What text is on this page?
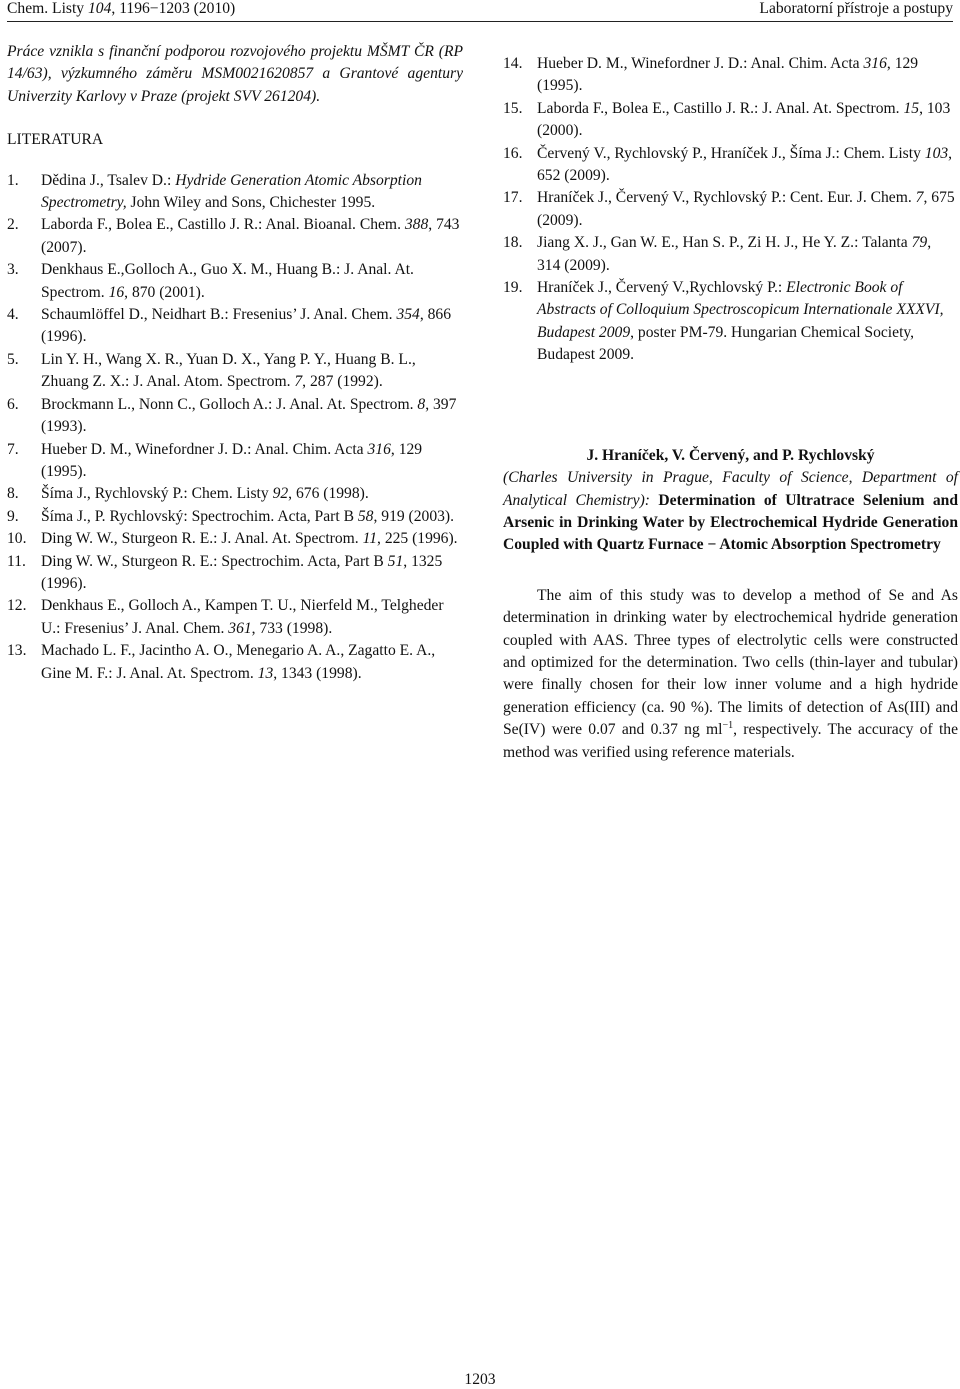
Chem. Listy 104, 1196−1203 (2010)	Laboratorní přístroje a postupy
Práce vznikla s finanční podporou rozvojového projektu MŠMT ČR (RP 14/63), výzkumného záměru MSM0021620857 a Grantové agentury Univerzity Karlovy v Praze (projekt SVV 261204).
LITERATURA
1.	Dědina J., Tsalev D.: Hydride Generation Atomic Absorption Spectrometry, John Wiley and Sons, Chichester 1995.
2.	Laborda F., Bolea E., Castillo J. R.: Anal. Bioanal. Chem. 388, 743 (2007).
3.	Denkhaus E.,Golloch A., Guo X. M., Huang B.: J. Anal. At. Spectrom. 16, 870 (2001).
4.	Schaumlöffel D., Neidhart B.: Fresenius’ J. Anal. Chem. 354, 866 (1996).
5.	Lin Y. H., Wang X. R., Yuan D. X., Yang P. Y., Huang B. L., Zhuang Z. X.: J. Anal. Atom. Spectrom. 7, 287 (1992).
6.	Brockmann L., Nonn C., Golloch A.: J. Anal. At. Spectrom. 8, 397 (1993).
7.	Hueber D. M., Winefordner J. D.: Anal. Chim. Acta 316, 129 (1995).
8.	Šíma J., Rychlovský P.: Chem. Listy 92, 676 (1998).
9.	Šíma J., P. Rychlovský: Spectrochim. Acta, Part B 58, 919 (2003).
10. Ding W. W., Sturgeon R. E.: J. Anal. At. Spectrom. 11, 225 (1996).
11. Ding W. W., Sturgeon R. E.: Spectrochim. Acta, Part B 51, 1325 (1996).
12. Denkhaus E., Golloch A., Kampen T. U., Nierfeld M., Telgheder U.: Fresenius’ J. Anal. Chem. 361, 733 (1998).
13. Machado L. F., Jacintho A. O., Menegario A. A., Zagatto E. A., Gine M. F.: J. Anal. At. Spectrom. 13, 1343 (1998).
14. Hueber D. M., Winefordner J. D.: Anal. Chim. Acta 316, 129 (1995).
15. Laborda F., Bolea E., Castillo J. R.: J. Anal. At. Spectrom. 15, 103 (2000).
16. Červený V., Rychlovský P., Hraníček J., Šíma J.: Chem. Listy 103, 652 (2009).
17. Hraníček J., Červený V., Rychlovský P.: Cent. Eur. J. Chem. 7, 675 (2009).
18. Jiang X. J., Gan W. E., Han S. P., Zi H. J., He Y. Z.: Talanta 79, 314 (2009).
19. Hraníček J., Červený V.,Rychlovský P.: Electronic Book of Abstracts of Colloquium Spectroscopicum Internationale XXXVI, Budapest 2009, poster PM-79. Hungarian Chemical Society, Budapest 2009.
J. Hraníček, V. Červený, and P. Rychlovský
(Charles University in Prague, Faculty of Science, Department of Analytical Chemistry): Determination of Ultratrace Selenium and Arsenic in Drinking Water by Electrochemical Hydride Generation Coupled with Quartz Furnace − Atomic Absorption Spectrometry
The aim of this study was to develop a method of Se and As determination in drinking water by electrochemical hydride generation coupled with AAS. Three types of electrolytic cells were constructed and optimized for the determination. Two cells (thin-layer and tubular) were finally chosen for their low inner volume and a high hydride generation efficiency (ca. 90 %). The limits of detection of As(III) and Se(IV) were 0.07 and 0.37 ng $ml^{-1}$, respectively. The accuracy of the method was verified using reference materials.
1203
